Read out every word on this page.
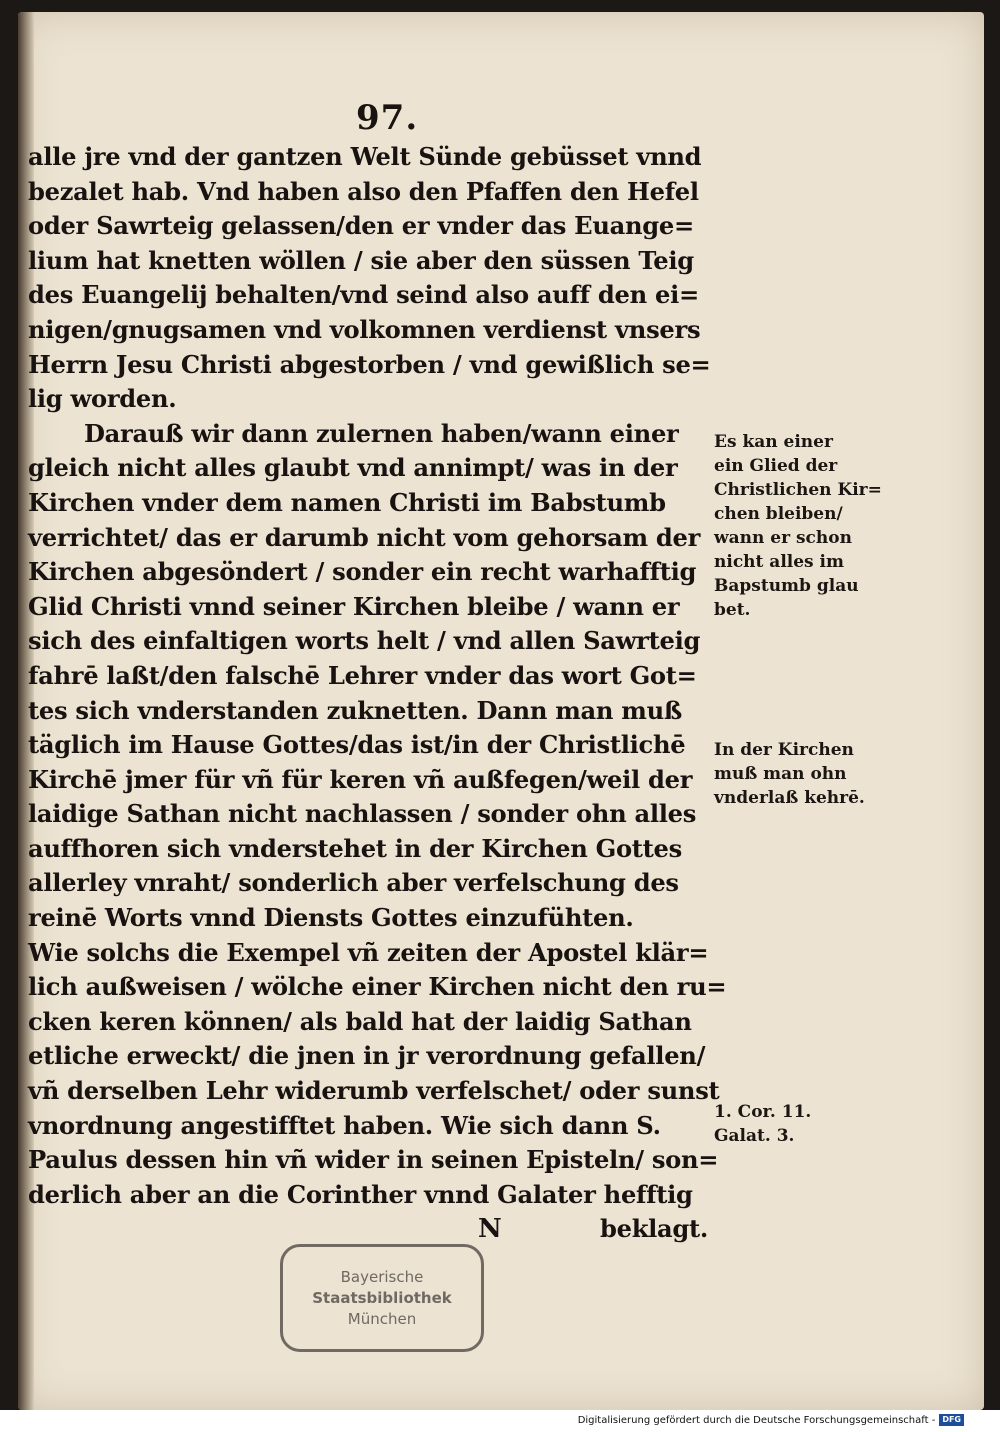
97.
alle jre vnd der gantzen Welt Sünde gebüsset vnnd
bezalet hab. Vnd haben also den Pfaffen den Hefel
oder Sawrteig gelassen/den er vnder das Euange=
lium hat knetten wöllen / sie aber den süssen Teig
des Euangelij behalten/vnd seind also auff den ei=
nigen/gnugsamen vnd volkomnen verdienst vnsers
Herrn Jesu Christi abgestorben / vnd gewißlich se=
lig worden.
Darauß wir dann zulernen haben/wann einer
gleich nicht alles glaubt vnd annimpt/ was in der
Kirchen vnder dem namen Christi im Babstumb
verrichtet/ das er darumb nicht vom gehorsam der
Kirchen abgesöndert / sonder ein recht warhafftig
Glid Christi vnnd seiner Kirchen bleibe / wann er
sich des einfaltigen worts helt / vnd allen Sawrteig
fahrē laßt/den falschē Lehrer vnder das wort Got=
tes sich vnderstanden zuknetten. Dann man muß
täglich im Hause Gottes/das ist/in der Christlichē
Kirchē jmer für vñ für keren vñ außfegen/weil der
laidige Sathan nicht nachlassen / sonder ohn alles
auffhoren sich vnderstehet in der Kirchen Gottes
allerley vnraht/ sonderlich aber verfelschung des
reinē Worts vnnd Diensts Gottes einzufühten.
Wie solchs die Exempel vñ zeiten der Apostel klär=
lich außweisen / wölche einer Kirchen nicht den ru=
cken keren können/ als bald hat der laidig Sathan
etliche erweckt/ die jnen in jr verordnung gefallen/
vñ derselben Lehr widerumb verfelschet/ oder sunst
vnordnung angestifftet haben. Wie sich dann S.
Paulus dessen hin vñ wider in seinen Episteln/ son=
derlich aber an die Corinther vnnd Galater hefftig
N	beklagt.
Es kan einer
ein Glied der
Christlichen Kir=
chen bleiben/
wann er schon
nicht alles im
Bapstumb glau
bet.
In der Kirchen
muß man ohn
vnderlaß kehrē.
1. Cor. 11.
Galat. 3.
Bayerische
Staatsbibliothek
München
Digitalisierung gefördert durch die Deutsche Forschungsgemeinschaft - DFG
